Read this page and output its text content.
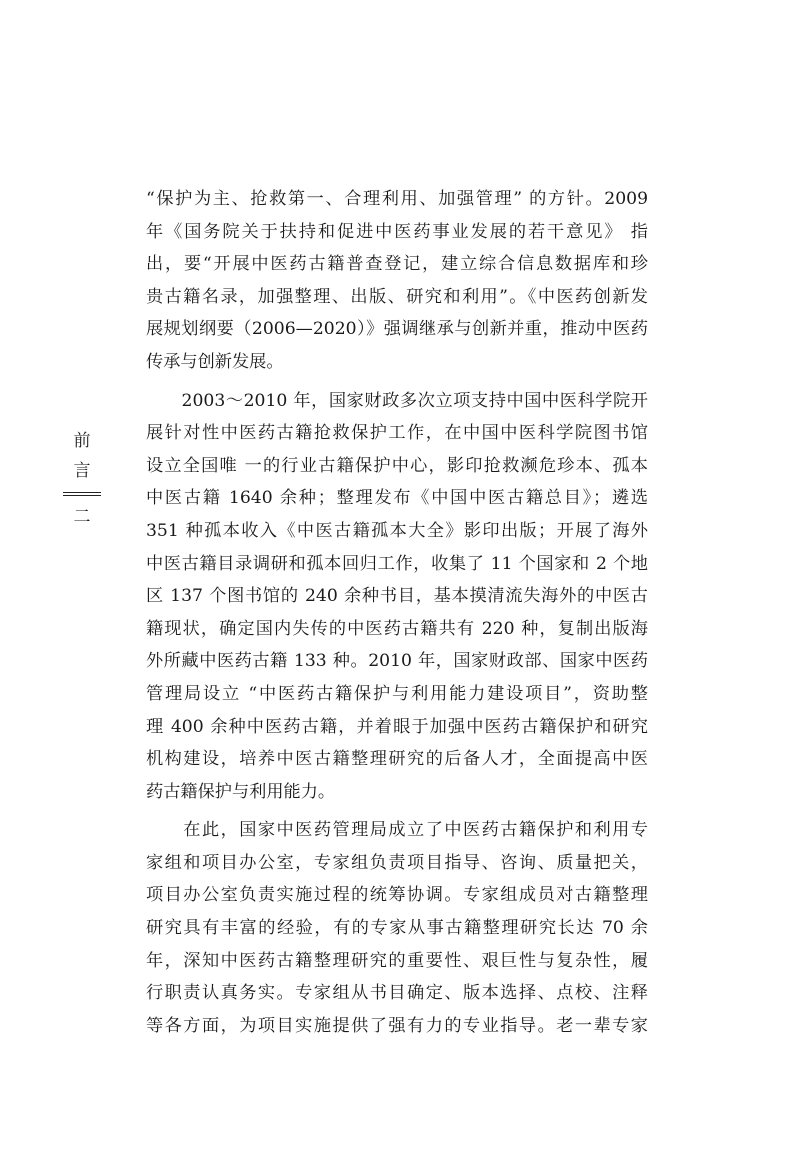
前
言
二
“保护为主、抢救第一、合理利用、加强管理” 的方针。2009
年《国务院关于扶持和促进中医药事业发展的若干意见》 指
出，要“开展中医药古籍普查登记，建立综合信息数据库和珍
贵古籍名录，加强整理、出版、研究和利用”。《中医药创新发
展规划纲要（2006—2020）》强调继承与创新并重，推动中医药
传承与创新发展。
　　2003～2010 年，国家财政多次立项支持中国中医科学院开
展针对性中医药古籍抢救保护工作，在中国中医科学院图书馆
设立全国唯 一的行业古籍保护中心，影印抢救濒危珍本、孤本
中医古籍 1640 余种；整理发布《中国中医古籍总目》；遴选
351 种孤本收入《中医古籍孤本大全》影印出版；开展了海外
中医古籍目录调研和孤本回归工作，收集了 11 个国家和 2 个地
区 137 个图书馆的 240 余种书目，基本摸清流失海外的中医古
籍现状，确定国内失传的中医药古籍共有 220 种，复制出版海
外所藏中医药古籍 133 种。2010 年，国家财政部、国家中医药
管理局设立 “中医药古籍保护与利用能力建设项目”，资助整
理 400 余种中医药古籍，并着眼于加强中医药古籍保护和研究
机构建设，培养中医古籍整理研究的后备人才，全面提高中医
药古籍保护与利用能力。
　　在此，国家中医药管理局成立了中医药古籍保护和利用专
家组和项目办公室，专家组负责项目指导、咨询、质量把关，
项目办公室负责实施过程的统筹协调。专家组成员对古籍整理
研究具有丰富的经验，有的专家从事古籍整理研究长达 70 余
年，深知中医药古籍整理研究的重要性、艰巨性与复杂性，履
行职责认真务实。专家组从书目确定、版本选择、点校、注释
等各方面，为项目实施提供了强有力的专业指导。老一辈专家
